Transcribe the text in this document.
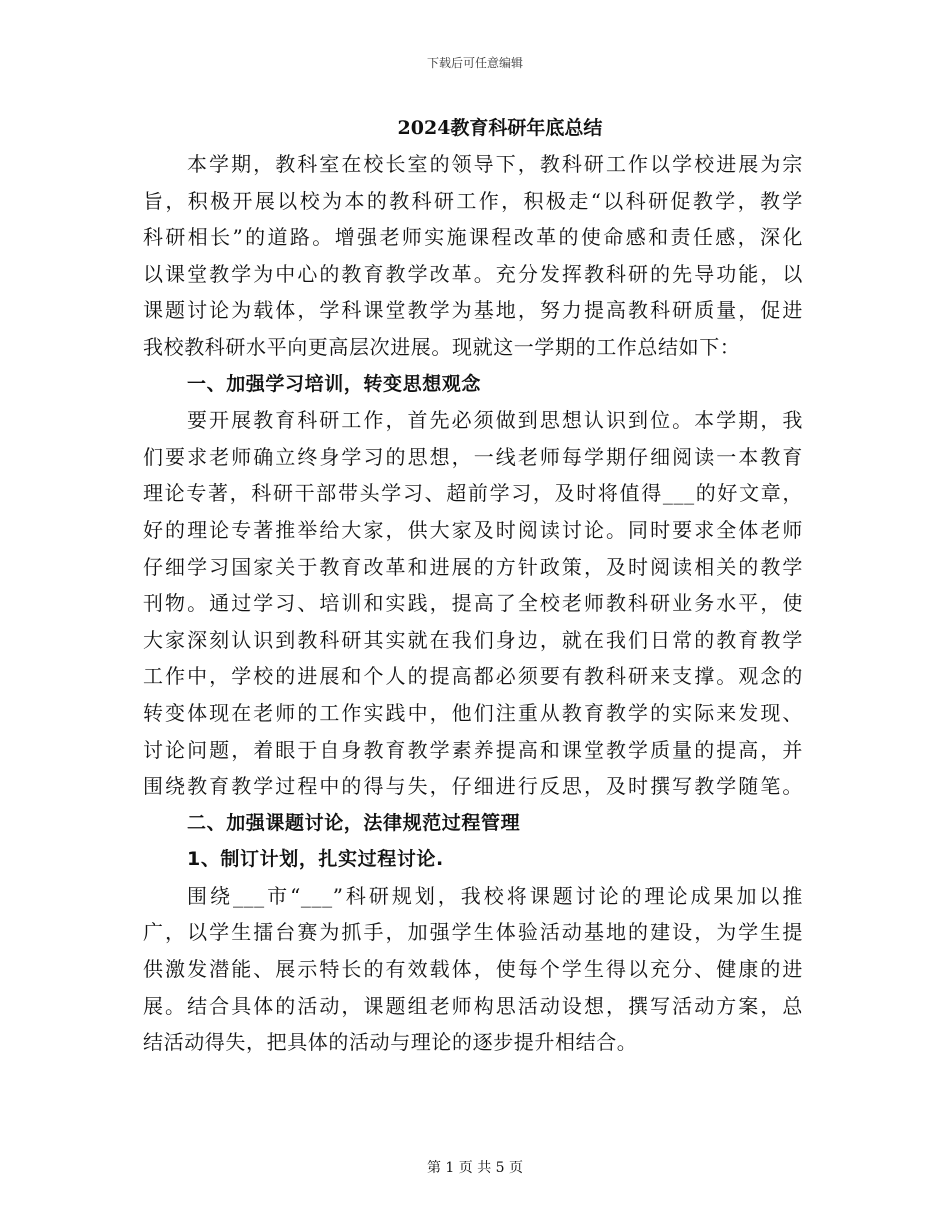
下载后可任意编辑
2024教育科研年底总结
本学期，教科室在校长室的领导下，教科研工作以学校进展为宗
旨，积极开展以校为本的教科研工作，积极走“以科研促教学，教学
科研相长”的道路。增强老师实施课程改革的使命感和责任感，深化
以课堂教学为中心的教育教学改革。充分发挥教科研的先导功能，以
课题讨论为载体，学科课堂教学为基地，努力提高教科研质量，促进
我校教科研水平向更高层次进展。现就这一学期的工作总结如下：
一、加强学习培训，转变思想观念
要开展教育科研工作，首先必须做到思想认识到位。本学期，我
们要求老师确立终身学习的思想，一线老师每学期仔细阅读一本教育
理论专著，科研干部带头学习、超前学习，及时将值得___的好文章，
好的理论专著推举给大家，供大家及时阅读讨论。同时要求全体老师
仔细学习国家关于教育改革和进展的方针政策，及时阅读相关的教学
刊物。通过学习、培训和实践，提高了全校老师教科研业务水平，使
大家深刻认识到教科研其实就在我们身边，就在我们日常的教育教学
工作中，学校的进展和个人的提高都必须要有教科研来支撑。观念的
转变体现在老师的工作实践中，他们注重从教育教学的实际来发现、
讨论问题，着眼于自身教育教学素养提高和课堂教学质量的提高，并
围绕教育教学过程中的得与失，仔细进行反思，及时撰写教学随笔。
二、加强课题讨论，法律规范过程管理
1、制订计划，扎实过程讨论.
围绕___市“___”科研规划，我校将课题讨论的理论成果加以推
广，以学生擂台赛为抓手，加强学生体验活动基地的建设，为学生提
供激发潜能、展示特长的有效载体，使每个学生得以充分、健康的进
展。结合具体的活动，课题组老师构思活动设想，撰写活动方案，总
结活动得失，把具体的活动与理论的逐步提升相结合。
第 1 页 共 5 页
